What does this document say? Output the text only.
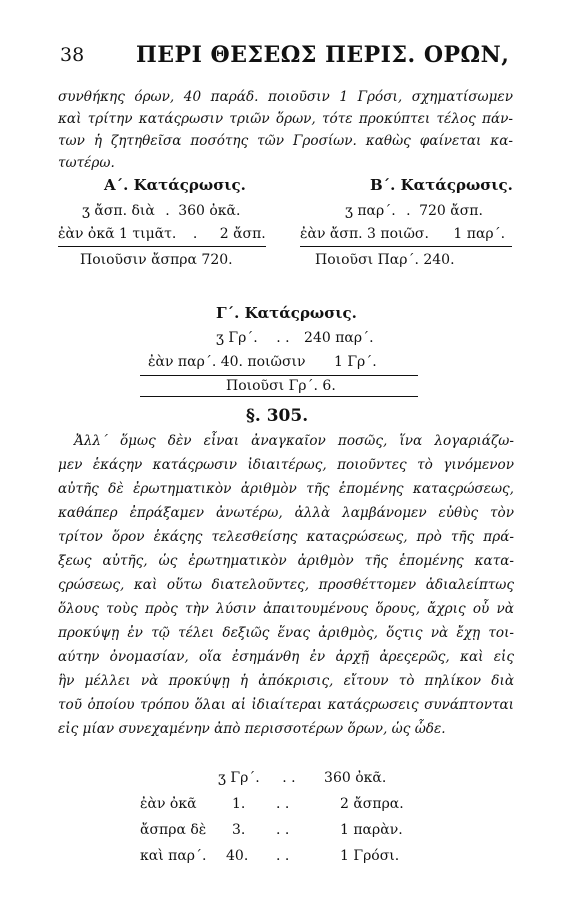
38 ΠΕΡΙ ΘΕΣΕΩΣ ΠΕΡΙΣ. ΟΡΩΝ,
συνθήκης όρων, 40 παράδ. ποιοῦσιν 1 Γρόσι, σχηματίσωμεν
καὶ τρίτην κατάςρωσιν τριῶν ὅρων, τότε προκύπτει τέλος πάν-
των ἡ ζητηθεῖσα ποσότης τῶν Γροσίων. καθὼς φαίνεται κα-
τωτέρω.
Α΄. Κατάςρωσις.
ʒ ἄσπ. διὰ . 360 ὀκᾶ.
ἐὰν ὀκᾶ 1 τιμᾶτ. . 2 ἄσπ.
Ποιοῦσιν ἄσπρα 720.
Β΄. Κατάςρωσις.
ʒ παρ΄. . 720 ἄσπ.
ἐὰν ἄσπ. 3 ποιῶσ. 1 παρ΄.
Ποιοῦσι Παρ΄. 240.
Γ΄. Κατάςρωσις.
ʒ Γρ΄. . . 240 παρ΄.
ἐὰν παρ΄. 40. ποιῶσιν 1 Γρ΄.
Ποιοῦσι Γρ΄. 6.
§. 305.
Ἀλλ΄ ὅμως δὲν εἶναι ἀναγκαῖον ποσῶς, ἵνα λογαριάζω-
μεν ἑκάςην κατάςρωσιν ἰδιαιτέρως, ποιοῦντες τὸ γινόμενον
αὐτῆς δὲ ἐρωτηματικὸν ἀριθμὸν τῆς ἑπομένης καταςρώσεως,
καθάπερ ἐπράξαμεν ἀνωτέρω, ἀλλὰ λαμβάνομεν εὐθὺς τὸν
τρίτον ὅρον ἑκάςης τελεσθείσης καταςρώσεως, πρὸ τῆς πρά-
ξεως αὐτῆς, ὡς ἐρωτηματικὸν ἀριθμὸν τῆς ἑπομένης κατα-
ςρώσεως, καὶ οὕτω διατελοῦντες, προσθέττομεν ἀδιαλείπτως
ὅλους τοὺς πρὸς τὴν λύσιν ἀπαιτουμένους ὅρους, ἄχρις οὗ νὰ
προκύψῃ ἐν τῷ τέλει δεξιῶς ἕνας ἀριθμὸς, ὅςτις νὰ ἔχῃ τοι-
αύτην ὀνομασίαν, οἵα ἐσημάνθη ἐν ἀρχῇ ἀρεςερῶς, καὶ εἰς
ἣν μέλλει νὰ προκύψῃ ἡ ἀπόκρισις, εἴτουν τὸ πηλίκον διὰ
τοῦ ὁποίου τρόπου ὅλαι αἱ ἰδιαίτεραι κατάςρωσεις συνάπτονται
εἰς μίαν συνεχαμένην ἀπὸ περισσοτέρων ὅρων, ὡς ὧδε.
ʒ Γρ΄. . . 360 ὀκᾶ.
ἐὰν ὀκᾶ	1. . .	2 ἄσπρα.
ἄσπρα δὲ 3. . .	1 παρὰν.
καὶ παρ΄. 40. . .	1 Γρόσι.
